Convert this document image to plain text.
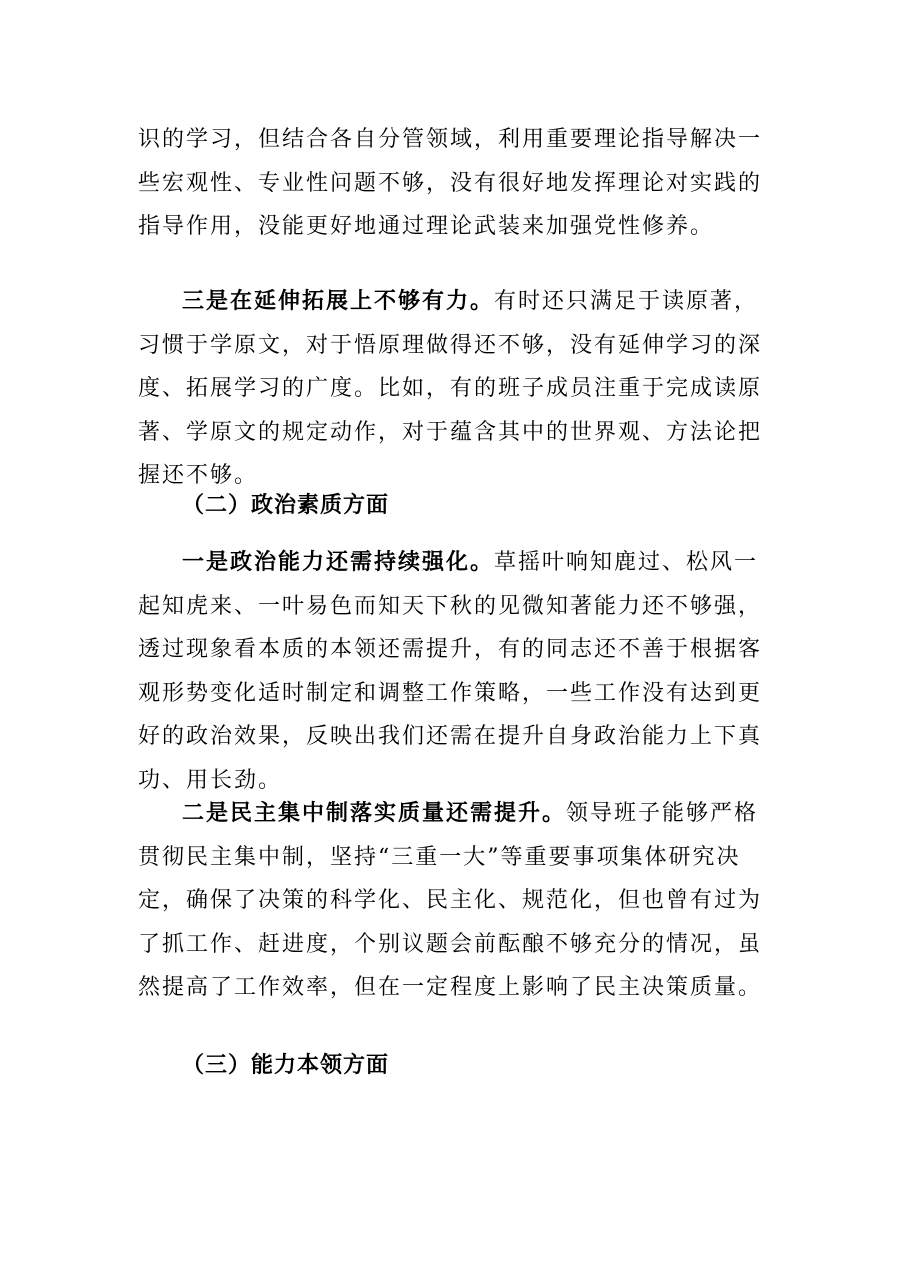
识的学习，但结合各自分管领域，利用重要理论指导解决一些宏观性、专业性问题不够，没有很好地发挥理论对实践的指导作用，没能更好地通过理论武装来加强党性修养。

三是在延伸拓展上不够有力。有时还只满足于读原著，习惯于学原文，对于悟原理做得还不够，没有延伸学习的深度、拓展学习的广度。比如，有的班子成员注重于完成读原著、学原文的规定动作，对于蕴含其中的世界观、方法论把握还不够。

（二）政治素质方面

一是政治能力还需持续强化。草摇叶响知鹿过、松风一起知虎来、一叶易色而知天下秋的见微知著能力还不够强，透过现象看本质的本领还需提升，有的同志还不善于根据客观形势变化适时制定和调整工作策略，一些工作没有达到更好的政治效果，反映出我们还需在提升自身政治能力上下真功、用长劲。

二是民主集中制落实质量还需提升。领导班子能够严格贯彻民主集中制，坚持“三重一大”等重要事项集体研究决定，确保了决策的科学化、民主化、规范化，但也曾有过为了抓工作、赶进度，个别议题会前酝酿不够充分的情况，虽然提高了工作效率，但在一定程度上影响了民主决策质量。

（三）能力本领方面
